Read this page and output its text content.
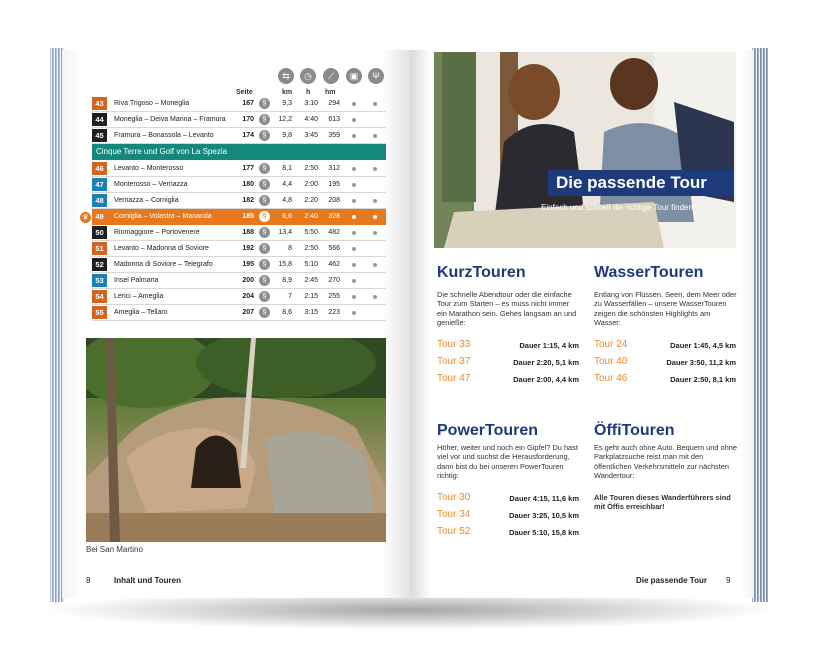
Seite
⇆	◷	⟋	▣	Ψ
km h hm
43	Riva Trigoso – Moneglia	167	§	9,3	3:10	294
44	Moneglia – Deiva Marina – Framura	170	§	12,2	4:40	613
45	Framura – Bonassola – Levanto	174	§	9,8	3:45	359
Cinque Terre und Golf von La Spezia
46	Levanto – Monterosso	177	§	8,1	2:50	312
47	Monterosso – Vernazza	180	§	4,4	2:00	195
48	Vernazza – Corniglia	182	§	4,8	2:20	208
49	Corniglia – Volastra – Manarola	185	§	6,6	2:40	328
50	Riomaggiore – Portovenere	188	§	13,4	5:50	482
51	Levanto – Madonna di Soviore	192	§	8	2:50	566
52	Madonna di Soviore – Telegrafo	195	§	15,8	5:10	462
53	Insel Palmaria	200	§	8,9	2:45	270
54	Lerici – Ameglia	204	§	7	2:15	255
55	Ameglia – Tellaro	207	§	8,6	3:15	223
♛
Bei San Martino
8	Inhalt und Touren
Die passende Tour
Einfach und schnell die richtige Tour finden.
KurzTouren
Die schnelle Abendtour oder die einfache Tour zum Starten – es muss nicht immer ein Marathon sein. Gehes langsam an und genieße:
Tour 33	Dauer 1:15, 4 km
Tour 37	Dauer 2:20, 5,1 km
Tour 47	Dauer 2:00, 4,4 km
WasserTouren
Entlang von Flüssen, Seen, dem Meer oder zu Wasserfällen – unsere WasserTouren zeigen die schönsten Highlights am Wasser:
Tour 24	Dauer 1:45, 4,5 km
Tour 40	Dauer 3:50, 11,2 km
Tour 46	Dauer 2:50, 8,1 km
PowerTouren
Höher, weiter und noch ein Gipfel? Du hast viel vor und suchst die Herausforderung, dann bist du bei unseren PowerTouren richtig:
Tour 30	Dauer 4:15, 11,6 km
Tour 34	Dauer 3:25, 10,5 km
Tour 52	Dauer 5:10, 15,8 km
ÖffiTouren
Es geht auch ohne Auto. Bequem und ohne Parkplatzsuche reist man mit den öffentlichen Verkehrsmitteln zur nächsten Wandertour:
Alle Touren dieses Wanderführers sind mit Öffis erreichbar!
Die passende Tour 9
